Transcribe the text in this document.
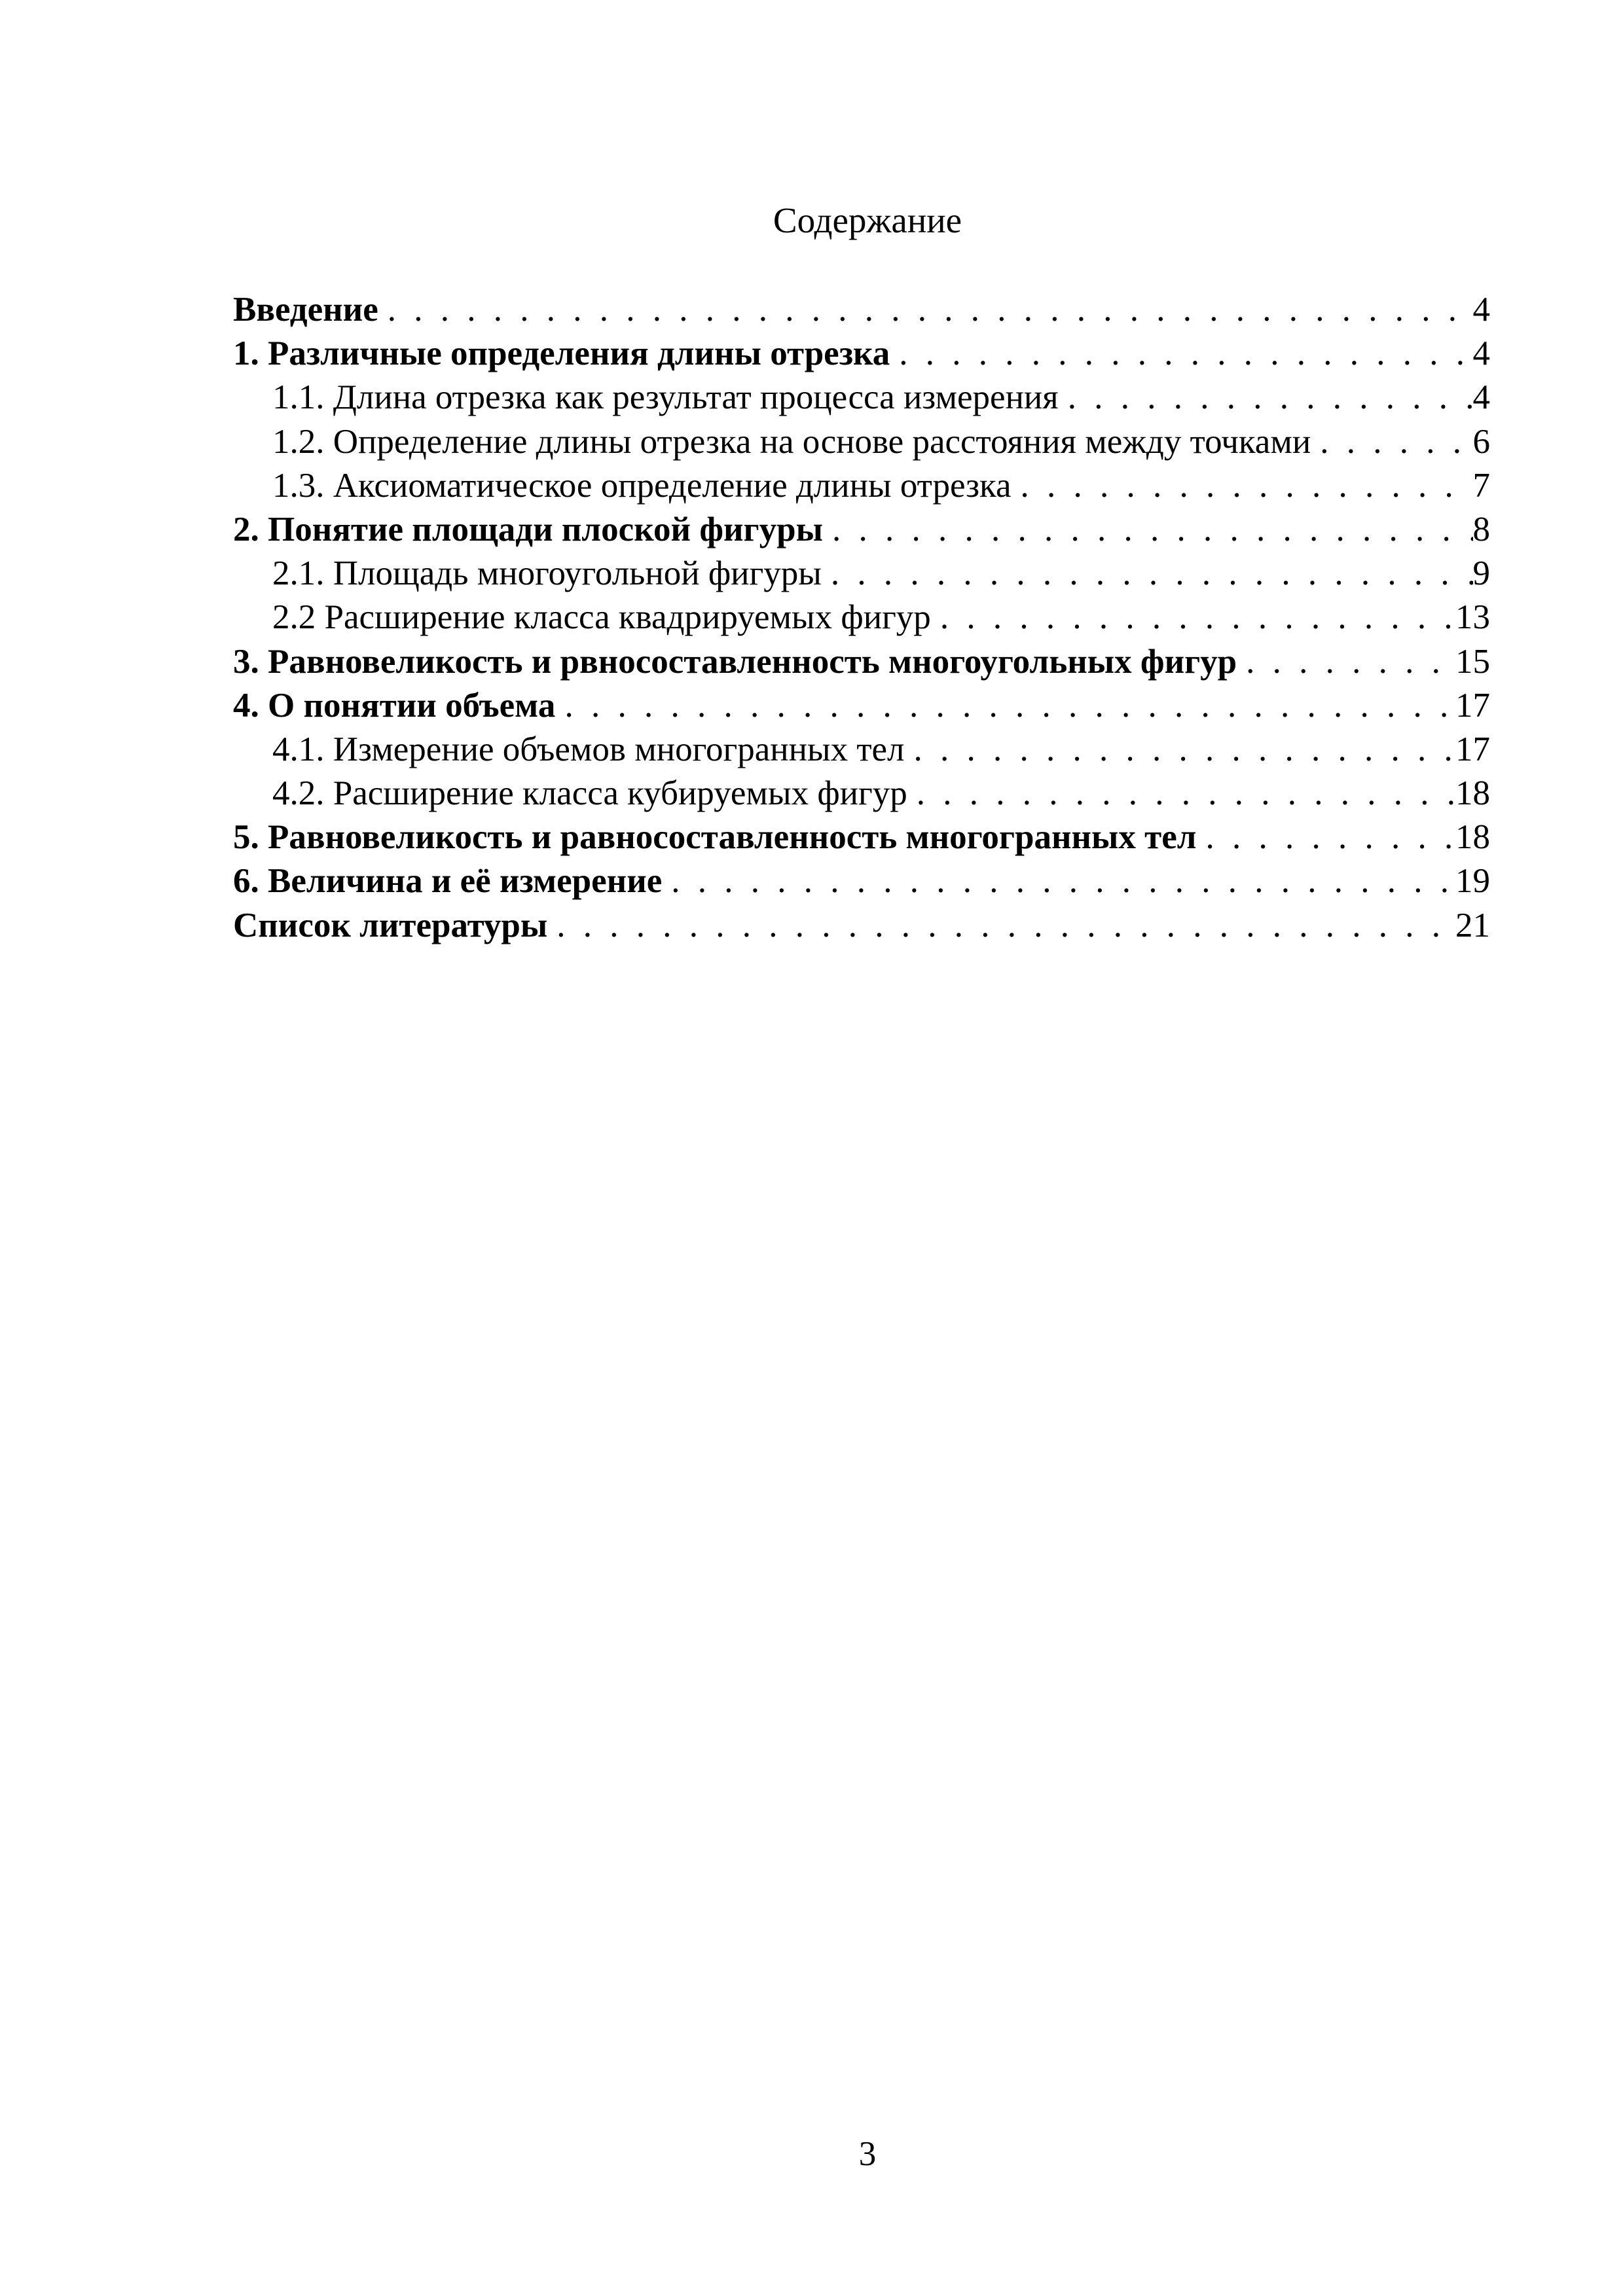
Содержание
Введение . . .	4
1. Различные определения длины отрезка . . .	4
1.1. Длина отрезка как результат процесса измерения . . .	4
1.2. Определение длины отрезка на основе расстояния между точками . . .	6
1.3. Аксиоматическое определение длины отрезка . . .	7
2. Понятие площади плоской фигуры . . .	8
2.1. Площадь многоугольной фигуры . . .	9
2.2 Расширение класса квадрируемых фигур . . .	13
3. Равновеликость и рвносоставленность многоугольных фигур . . .	15
4. О понятии объема . . .	17
4.1. Измерение объемов многогранных тел . . .	17
4.2. Расширение класса кубируемых фигур . . .	18
5. Равновеликость и равносоставленность многогранных тел . . .	18
6. Величина и её измерение . . .	19
Список литературы . . .	21
3
